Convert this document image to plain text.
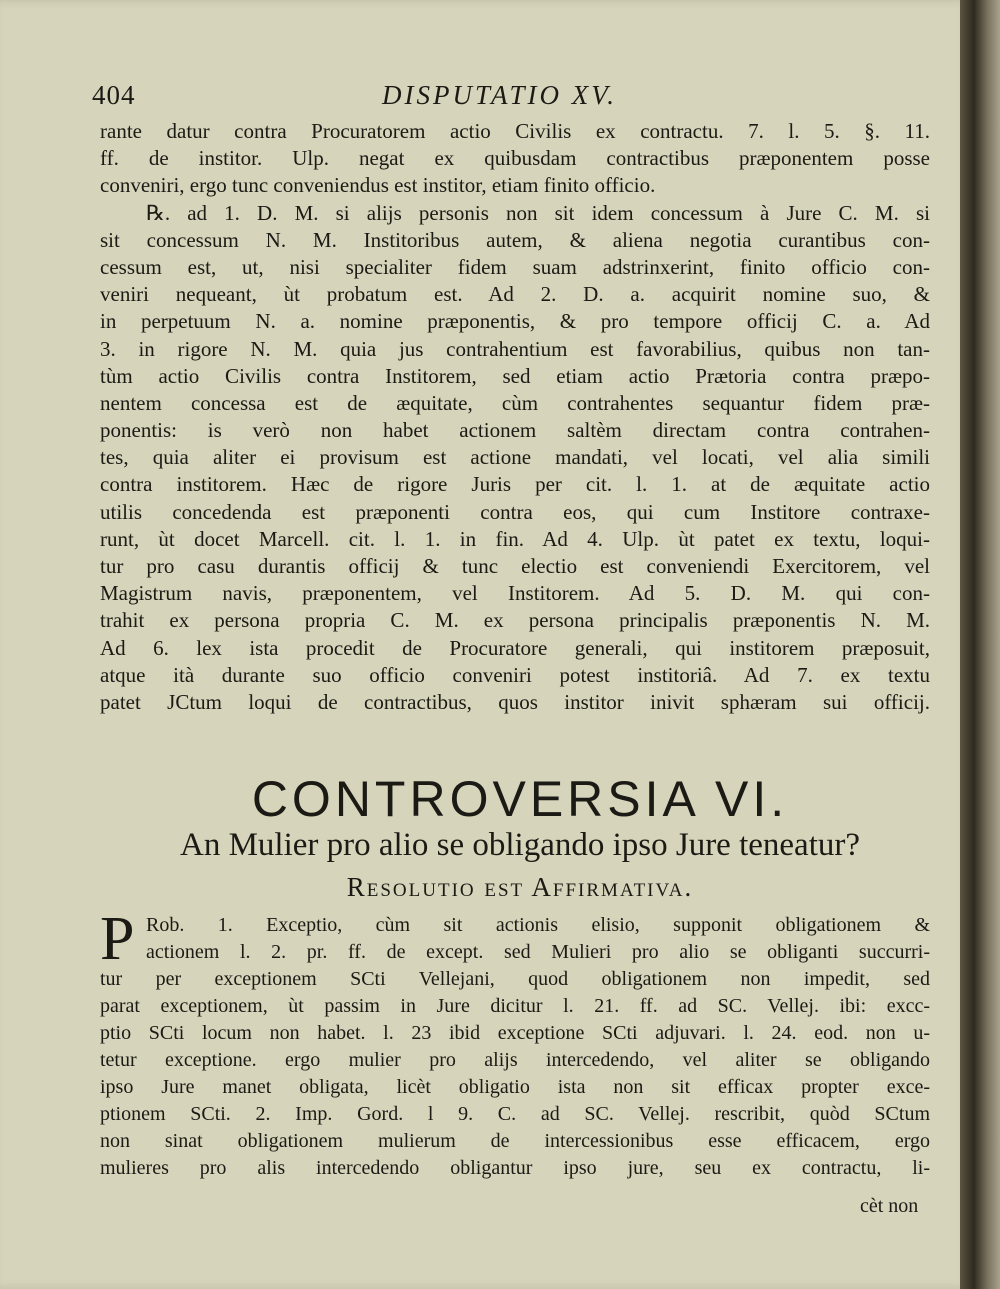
404	DISPUTATIO XV.
rante datur contra Procuratorem actio Civilis ex contractu. 7. l. 5. §. 11.
ff. de institor. Ulp. negat ex quibusdam contractibus præponentem posse
conveniri, ergo tunc conveniendus est institor, etiam finito officio.
℞. ad 1. D. M. si alijs personis non sit idem concessum à Jure C. M. si
sit concessum N. M. Institoribus autem, & aliena negotia curantibus con-
cessum est, ut, nisi specialiter fidem suam adstrinxerint, finito officio con-
veniri nequeant, ùt probatum est. Ad 2. D. a. acquirit nomine suo, &
in perpetuum N. a. nomine præponentis, & pro tempore officij C. a. Ad
3. in rigore N. M. quia jus contrahentium est favorabilius, quibus non tan-
tùm actio Civilis contra Institorem, sed etiam actio Prætoria contra præpo-
nentem concessa est de æquitate, cùm contrahentes sequantur fidem præ-
ponentis: is verò non habet actionem saltèm directam contra contrahen-
tes, quia aliter ei provisum est actione mandati, vel locati, vel alia simili
contra institorem. Hæc de rigore Juris per cit. l. 1. at de æquitate actio
utilis concedenda est præponenti contra eos, qui cum Institore contraxe-
runt, ùt docet Marcell. cit. l. 1. in fin. Ad 4. Ulp. ùt patet ex textu, loqui-
tur pro casu durantis officij & tunc electio est conveniendi Exercitorem, vel
Magistrum navis, præponentem, vel Institorem. Ad 5. D. M. qui con-
trahit ex persona propria C. M. ex persona principalis præponentis N. M.
Ad 6. lex ista procedit de Procuratore generali, qui institorem præposuit,
atque ità durante suo officio conveniri potest institoriâ. Ad 7. ex textu
patet JCtum loqui de contractibus, quos institor inivit sphæram sui officij.
CONTROVERSIA VI.
An Mulier pro alio se obligando ipso Jure teneatur?
Resolutio est Affirmativa.
P Rob. 1. Exceptio, cùm sit actionis elisio, supponit obligationem &
actionem l. 2. pr. ff. de except. sed Mulieri pro alio se obliganti succurri-
tur per exceptionem SCti Vellejani, quod obligationem non impedit, sed
parat exceptionem, ùt passim in Jure dicitur l. 21. ff. ad SC. Vellej. ibi: excc-
ptio SCti locum non habet. l. 23 ibid exceptione SCti adjuvari. l. 24. eod. non u-
tetur exceptione. ergo mulier pro alijs intercedendo, vel aliter se obligando
ipso Jure manet obligata, licèt obligatio ista non sit efficax propter exce-
ptionem SCti. 2. Imp. Gord. l 9. C. ad SC. Vellej. rescribit, quòd SCtum
non sinat obligationem mulierum de intercessionibus esse efficacem, ergo
mulieres pro alis intercedendo obligantur ipso jure, seu ex contractu, li-
cèt non
